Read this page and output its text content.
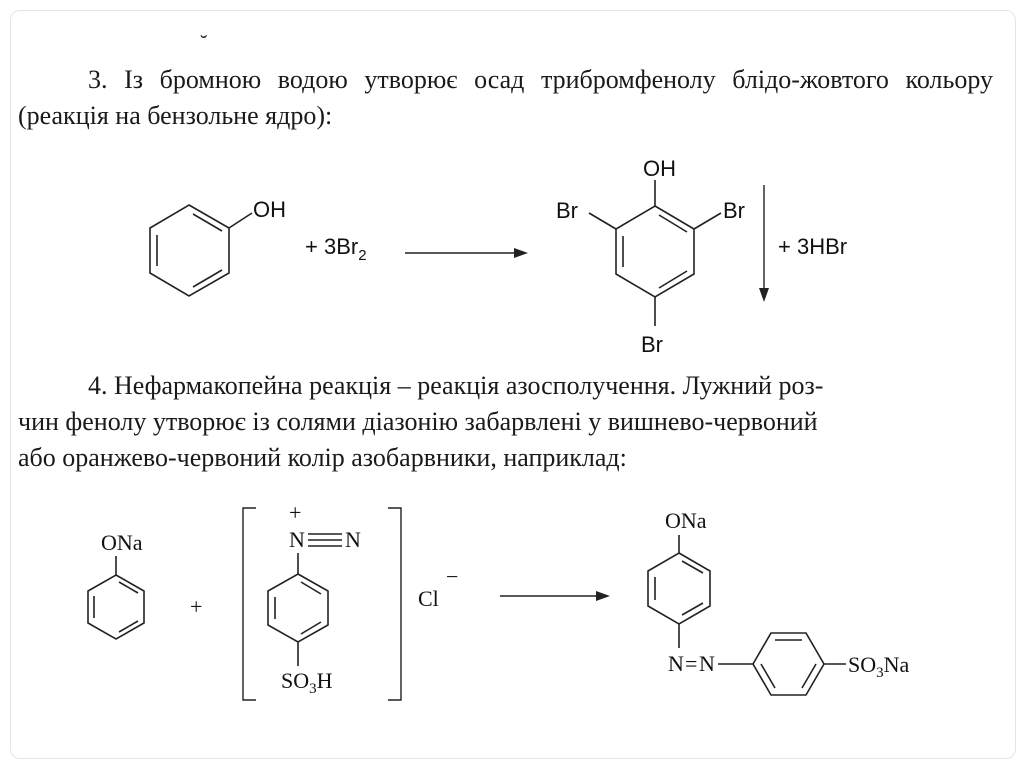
˘

3. Із бромною водою утворює осад трибромфенолу блідо-жовтого кольору (реакція на бензольне ядро):

4. Нефармакопейна реакція – реакція азосполучення. Лужний роз-
чин фенолу утворює із солями діазонію забарвлені у вишнево-червоний
або оранжево-червоний колір азобарвники, наприклад:

OH
+ $3Br_2$
OH
Br	Br
Br
+ 3HBr
ONa
+
+
N N
$SO_3H$
Cl
−
ONa
N = N	$SO_3Na$
